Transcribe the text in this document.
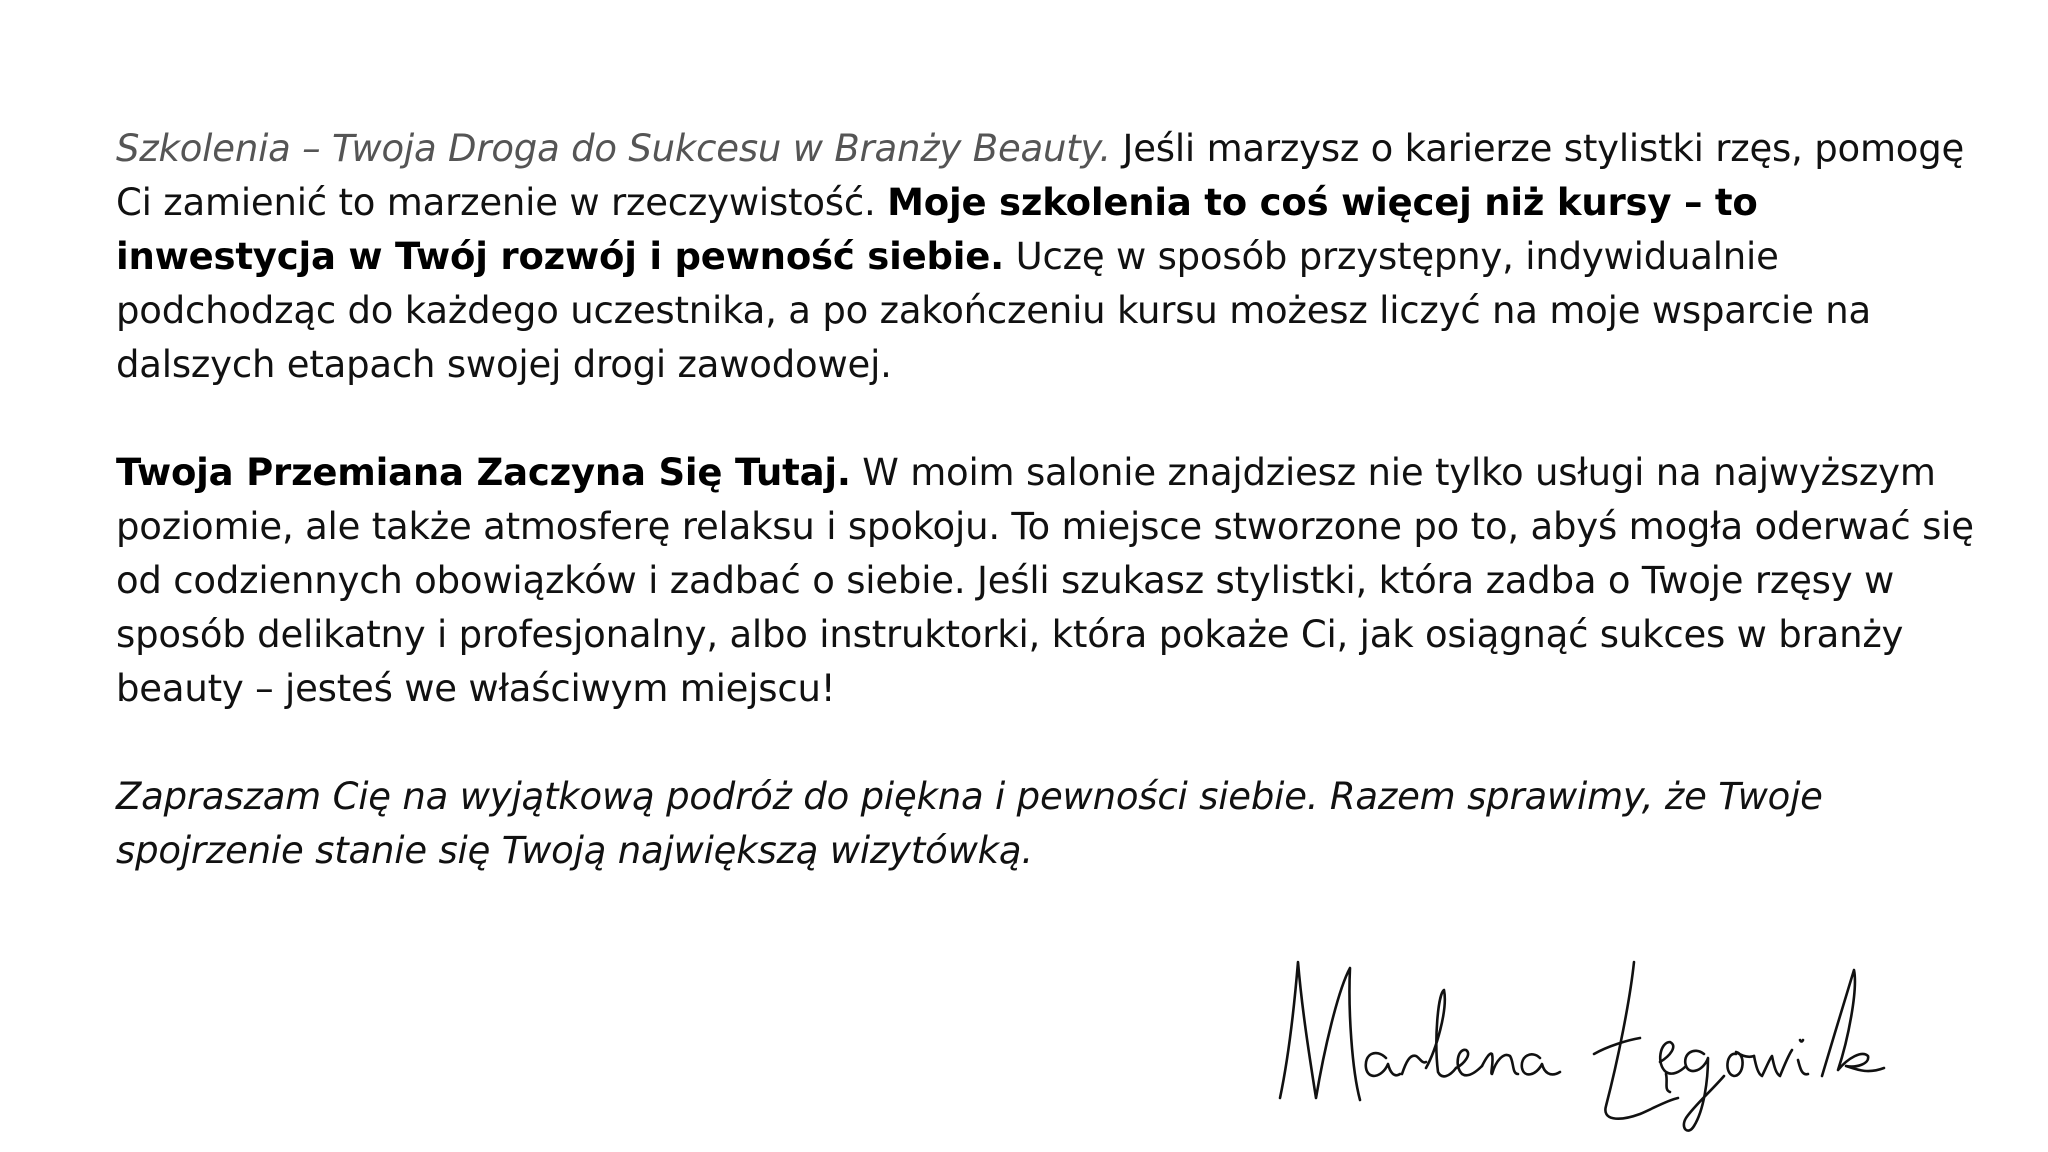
Szkolenia – Twoja Droga do Sukcesu w Branży Beauty. Jeśli marzysz o karierze stylistki rzęs, pomogę Ci zamienić to marzenie w rzeczywistość. Moje szkolenia to coś więcej niż kursy – to inwestycja w Twój rozwój i pewność siebie. Uczę w sposób przystępny, indywidualnie podchodząc do każdego uczestnika, a po zakończeniu kursu możesz liczyć na moje wsparcie na dalszych etapach swojej drogi zawodowej.

Twoja Przemiana Zaczyna Się Tutaj. W moim salonie znajdziesz nie tylko usługi na najwyższym poziomie, ale także atmosferę relaksu i spokoju. To miejsce stworzone po to, abyś mogła oderwać się od codziennych obowiązków i zadbać o siebie. Jeśli szukasz stylistki, która zadba o Twoje rzęsy w sposób delikatny i profesjonalny, albo instruktorki, która pokaże Ci, jak osiągnąć sukces w branży beauty – jesteś we właściwym miejscu!

Zapraszam Cię na wyjątkową podróż do piękna i pewności siebie. Razem sprawimy, że Twoje spojrzenie stanie się Twoją największą wizytówką.
